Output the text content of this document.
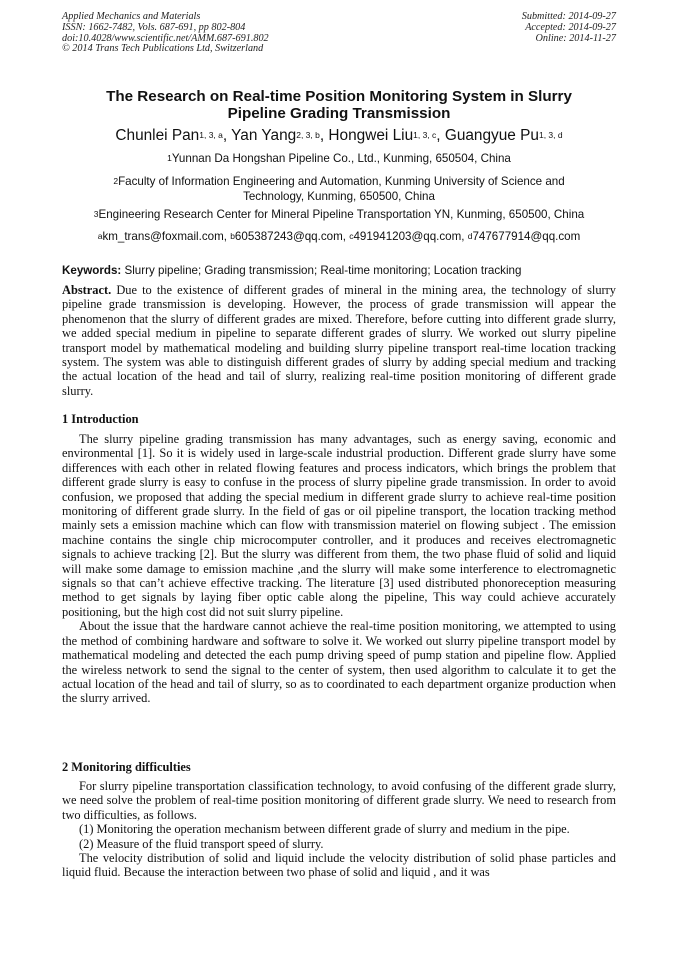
Applied Mechanics and Materials
ISSN: 1662-7482, Vols. 687-691, pp 802-804
doi:10.4028/www.scientific.net/AMM.687-691.802
© 2014 Trans Tech Publications Ltd, Switzerland
Submitted: 2014-09-27
Accepted: 2014-09-27
Online: 2014-11-27
The Research on Real-time Position Monitoring System in Slurry
Pipeline Grading Transmission
Chunlei Pan$^{1, 3, a}$, Yan Yang$^{2, 3, b}$, Hongwei Liu$^{1, 3, c}$, Guangyue Pu$^{1, 3, d}$
$^1$Yunnan Da Hongshan Pipeline Co., Ltd., Kunming, 650504, China
$^2$Faculty of Information Engineering and Automation, Kunming University of Science and
Technology, Kunming, 650500, China
$^3$Engineering Research Center for Mineral Pipeline Transportation YN, Kunming, 650500, China
$^a$km_trans@foxmail.com, $^b$605387243@qq.com, $^c$491941203@qq.com, $^d$747677914@qq.com
Keywords: Slurry pipeline; Grading transmission; Real-time monitoring; Location tracking

Abstract. Due to the existence of different grades of mineral in the mining area, the technology of slurry pipeline grade transmission is developing. However, the process of grade transmission will appear the phenomenon that the slurry of different grades are mixed. Therefore, before cutting into different grade slurry, we added special medium in pipeline to separate different grades of slurry. We worked out slurry pipeline transport model by mathematical modeling and building slurry pipeline transport real-time location tracking system. The system was able to distinguish different grades of slurry by adding special medium and tracking the actual location of the head and tail of slurry, realizing real-time position monitoring of different grade slurry.

1 Introduction

The slurry pipeline grading transmission has many advantages, such as energy saving, economic and environmental [1]. So it is widely used in large-scale industrial production. Different grade slurry have some differences with each other in related flowing features and process indicators, which brings the problem that different grade slurry is easy to confuse in the process of slurry pipeline grade transmission. In order to avoid confusion, we proposed that adding the special medium in different grade slurry to achieve real-time position monitoring of different grade slurry. In the field of gas or oil pipeline transport, the location tracking method mainly sets a emission machine which can flow with transmission materiel on flowing subject . The emission machine contains the single chip microcomputer controller, and it produces and receives electromagnetic signals to achieve tracking [2]. But the slurry was different from them, the two phase fluid of solid and liquid will make some damage to emission machine ,and the slurry will make some interference to electromagnetic signals so that can’t achieve effective tracking. The literature [3] used distributed phonoreception measuring method to get signals by laying fiber optic cable along the pipeline, This way could achieve accurately positioning, but the high cost did not suit slurry pipeline.

About the issue that the hardware cannot achieve the real-time position monitoring, we attempted to using the method of combining hardware and software to solve it. We worked out slurry pipeline transport model by mathematical modeling and detected the each pump driving speed of pump station and pipeline flow. Applied the wireless network to send the signal to the center of system, then used algorithm to calculate it to get the actual location of the head and tail of slurry, so as to coordinated to each department organize production when the slurry arrived.

2 Monitoring difficulties

For slurry pipeline transportation classification technology, to avoid confusing of the different grade slurry, we need solve the problem of real-time position monitoring of different grade slurry. We need to research from two difficulties, as follows.

(1) Monitoring the operation mechanism between different grade of slurry and medium in the pipe.

(2) Measure of the fluid transport speed of slurry.

The velocity distribution of solid and liquid include the velocity distribution of solid phase particles and liquid fluid. Because the interaction between two phase of solid and liquid , and it was
